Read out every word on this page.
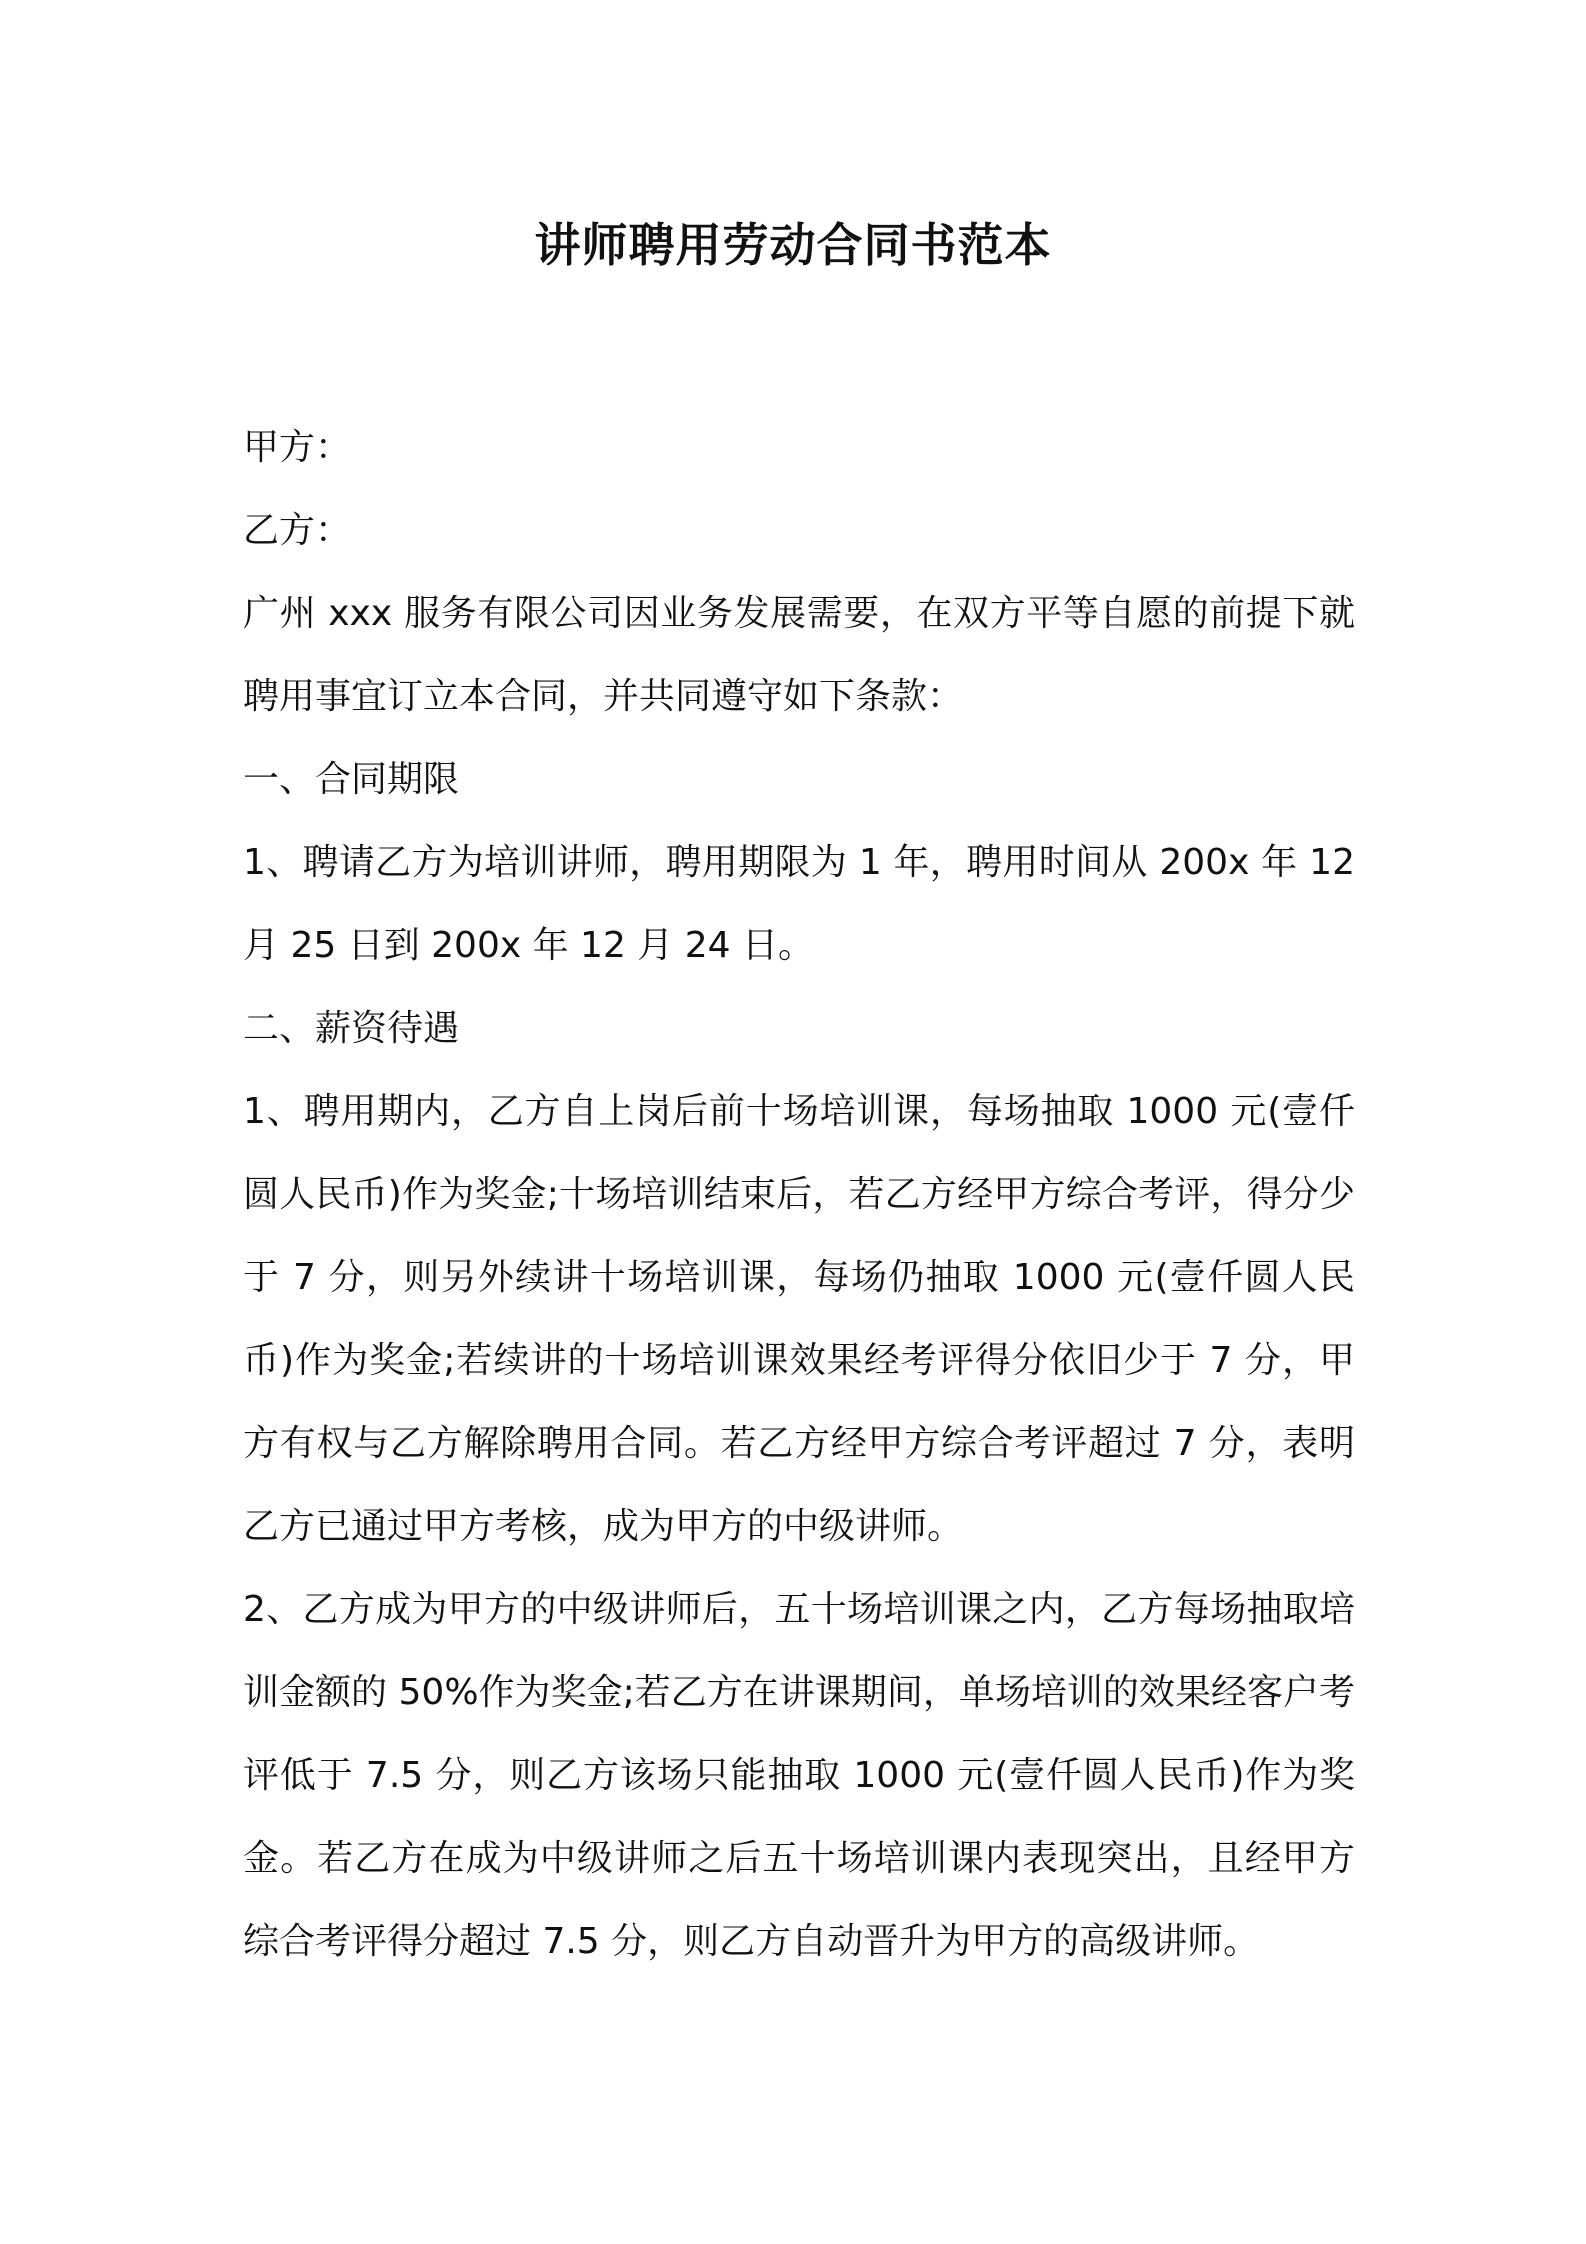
讲师聘用劳动合同书范本

甲方：

乙方：

广州 xxx 服务有限公司因业务发展需要，在双方平等自愿的前提下就聘用事宜订立本合同，并共同遵守如下条款：

一、合同期限

1、聘请乙方为培训讲师，聘用期限为 1 年，聘用时间从 200x 年 12 月 25 日到 200x 年 12 月 24 日。

二、薪资待遇

1、聘用期内，乙方自上岗后前十场培训课，每场抽取 1000 元(壹仟圆人民币)作为奖金;十场培训结束后，若乙方经甲方综合考评，得分少于 7 分，则另外续讲十场培训课，每场仍抽取 1000 元(壹仟圆人民币)作为奖金;若续讲的十场培训课效果经考评得分依旧少于 7 分，甲方有权与乙方解除聘用合同。若乙方经甲方综合考评超过 7 分，表明乙方已通过甲方考核，成为甲方的中级讲师。

2、乙方成为甲方的中级讲师后，五十场培训课之内，乙方每场抽取培训金额的 50%作为奖金;若乙方在讲课期间，单场培训的效果经客户考评低于 7.5 分，则乙方该场只能抽取 1000 元(壹仟圆人民币)作为奖金。若乙方在成为中级讲师之后五十场培训课内表现突出，且经甲方综合考评得分超过 7.5 分，则乙方自动晋升为甲方的高级讲师。
